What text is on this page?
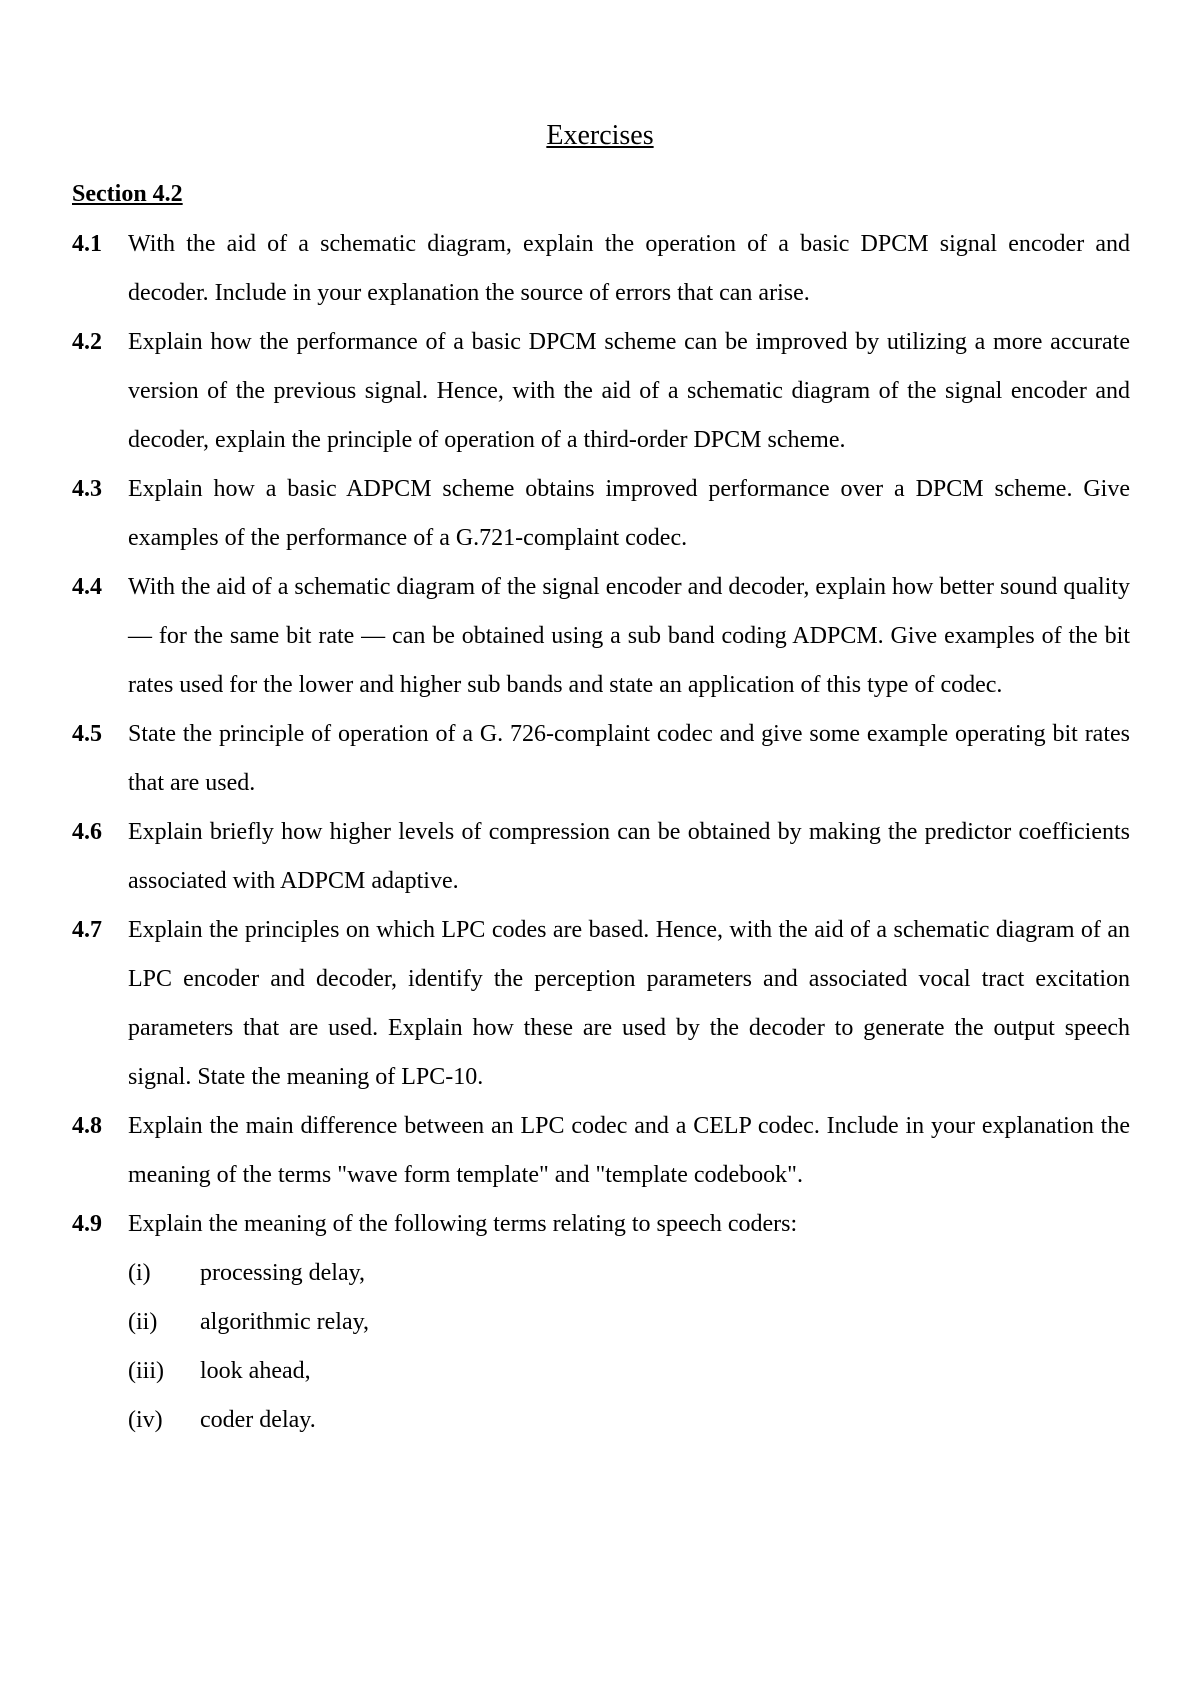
Exercises
Section 4.2
4.1	With the aid of a schematic diagram, explain the operation of a basic DPCM signal encoder and decoder. Include in your explanation the source of errors that can arise.
4.2	Explain how the performance of a basic DPCM scheme can be improved by utilizing a more accurate version of the previous signal. Hence, with the aid of a schematic diagram of the signal encoder and decoder, explain the principle of operation of a third-order DPCM scheme.
4.3	Explain how a basic ADPCM scheme obtains improved performance over a DPCM scheme. Give examples of the performance of a G.721-complaint codec.
4.4	With the aid of a schematic diagram of the signal encoder and decoder, explain how better sound quality — for the same bit rate — can be obtained using a sub band coding ADPCM. Give examples of the bit rates used for the lower and higher sub bands and state an application of this type of codec.
4.5	State the principle of operation of a G. 726-complaint codec and give some example operating bit rates that are used.
4.6	Explain briefly how higher levels of compression can be obtained by making the predictor coefficients associated with ADPCM adaptive.
4.7	Explain the principles on which LPC codes are based. Hence, with the aid of a schematic diagram of an LPC encoder and decoder, identify the perception parameters and associated vocal tract excitation parameters that are used. Explain how these are used by the decoder to generate the output speech signal. State the meaning of LPC-10.
4.8	Explain the main difference between an LPC codec and a CELP codec. Include in your explanation the meaning of the terms "wave form template" and "template codebook".
4.9	Explain the meaning of the following terms relating to speech coders:
(i)	processing delay,
(ii)	algorithmic relay,
(iii)	look ahead,
(iv)	coder delay.
